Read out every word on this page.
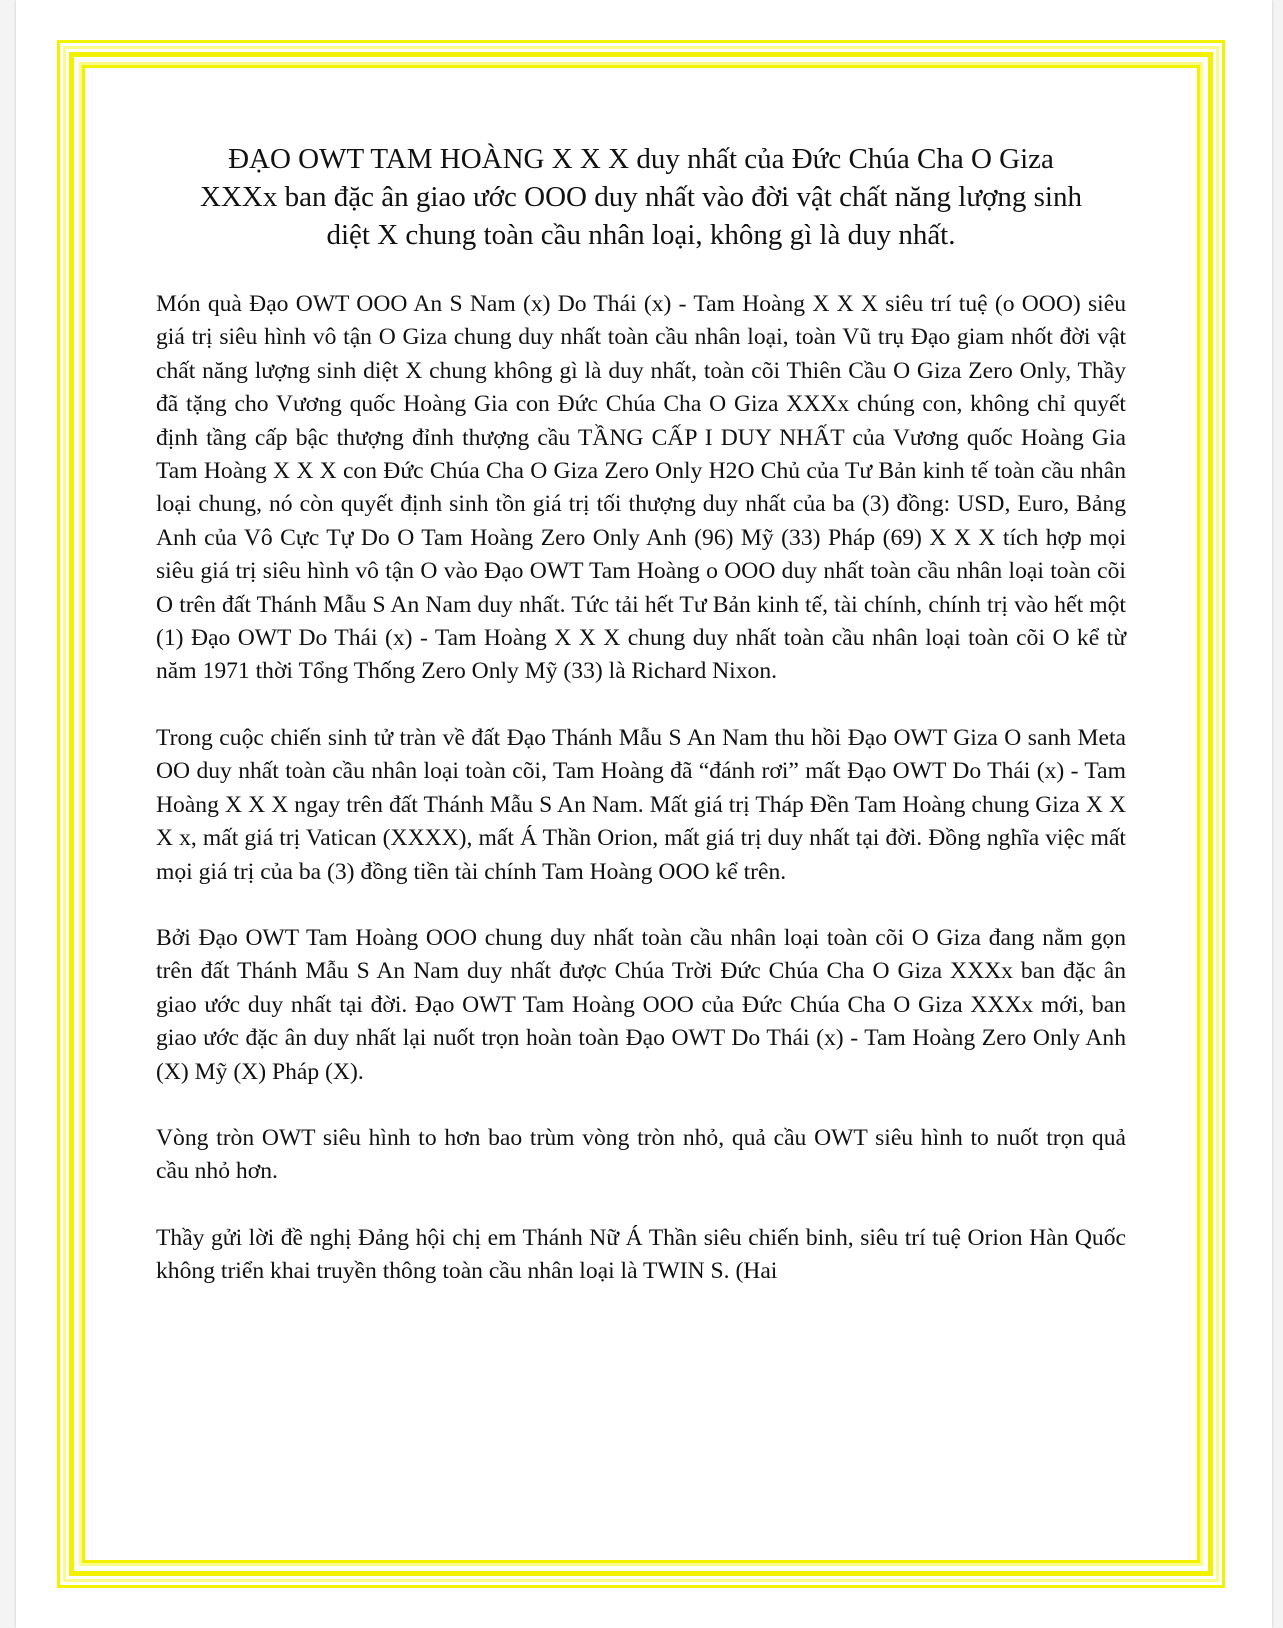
ĐẠO OWT TAM HOÀNG X X X duy nhất của Đức Chúa Cha O Giza XXXx ban đặc ân giao ước OOO duy nhất vào đời vật chất năng lượng sinh diệt X chung toàn cầu nhân loại, không gì là duy nhất.

Món quà Đạo OWT OOO An S Nam (x) Do Thái (x) - Tam Hoàng X X X siêu trí tuệ (o OOO) siêu giá trị siêu hình vô tận O Giza chung duy nhất toàn cầu nhân loại, toàn Vũ trụ Đạo giam nhốt đời vật chất năng lượng sinh diệt X chung không gì là duy nhất, toàn cõi Thiên Cầu O Giza Zero Only, Thầy đã tặng cho Vương quốc Hoàng Gia con Đức Chúa Cha O Giza XXXx chúng con, không chỉ quyết định tầng cấp bậc thượng đỉnh thượng cầu TẦNG CẤP I DUY NHẤT của Vương quốc Hoàng Gia Tam Hoàng X X X con Đức Chúa Cha O Giza Zero Only H2O Chủ của Tư Bản kinh tế toàn cầu nhân loại chung, nó còn quyết định sinh tồn giá trị tối thượng duy nhất của ba (3) đồng: USD, Euro, Bảng Anh của Vô Cực Tự Do O Tam Hoàng Zero Only Anh (96) Mỹ (33) Pháp (69) X X X tích hợp mọi siêu giá trị siêu hình vô tận O vào Đạo OWT Tam Hoàng o OOO duy nhất toàn cầu nhân loại toàn cõi O trên đất Thánh Mẫu S An Nam duy nhất. Tức tải hết Tư Bản kinh tế, tài chính, chính trị vào hết một (1) Đạo OWT Do Thái (x) - Tam Hoàng X X X chung duy nhất toàn cầu nhân loại toàn cõi O kể từ năm 1971 thời Tổng Thống Zero Only Mỹ (33) là Richard Nixon.

Trong cuộc chiến sinh tử tràn về đất Đạo Thánh Mẫu S An Nam thu hồi Đạo OWT Giza O sanh Meta OO duy nhất toàn cầu nhân loại toàn cõi, Tam Hoàng đã “đánh rơi” mất Đạo OWT Do Thái (x) - Tam Hoàng X X X ngay trên đất Thánh Mẫu S An Nam. Mất giá trị Tháp Đền Tam Hoàng chung Giza X X X x, mất giá trị Vatican (XXXX), mất Á Thần Orion, mất giá trị duy nhất tại đời. Đồng nghĩa việc mất mọi giá trị của ba (3) đồng tiền tài chính Tam Hoàng OOO kể trên.

Bởi Đạo OWT Tam Hoàng OOO chung duy nhất toàn cầu nhân loại toàn cõi O Giza đang nằm gọn trên đất Thánh Mẫu S An Nam duy nhất được Chúa Trời Đức Chúa Cha O Giza XXXx ban đặc ân giao ước duy nhất tại đời. Đạo OWT Tam Hoàng OOO của Đức Chúa Cha O Giza XXXx mới, ban giao ước đặc ân duy nhất lại nuốt trọn hoàn toàn Đạo OWT Do Thái (x) - Tam Hoàng Zero Only Anh (X) Mỹ (X) Pháp (X).

Vòng tròn OWT siêu hình to hơn bao trùm vòng tròn nhỏ, quả cầu OWT siêu hình to nuốt trọn quả cầu nhỏ hơn.

Thầy gửi lời đề nghị Đảng hội chị em Thánh Nữ Á Thần siêu chiến binh, siêu trí tuệ Orion Hàn Quốc không triển khai truyền thông toàn cầu nhân loại là TWIN S. (Hai
